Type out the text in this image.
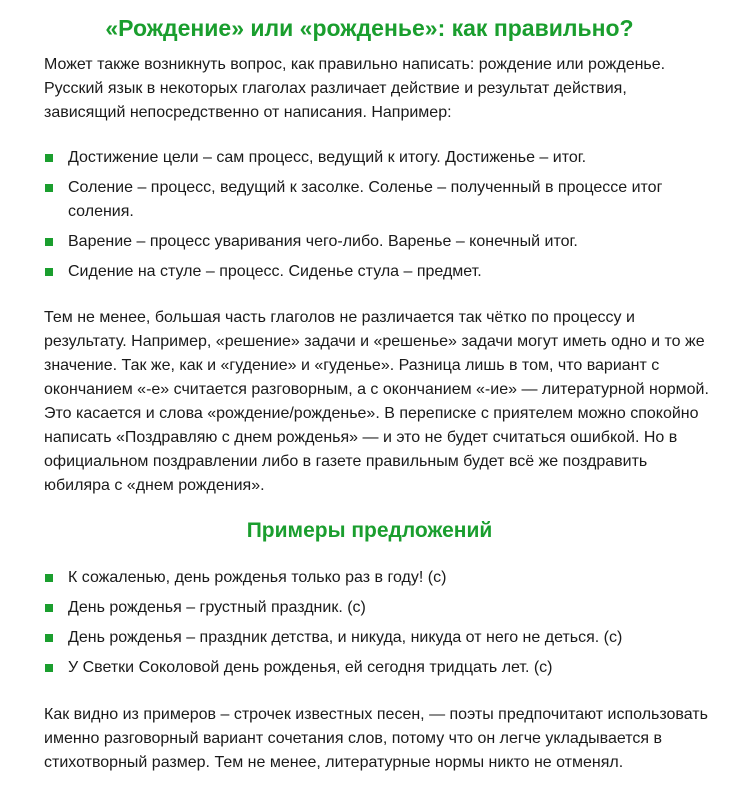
«Рождение» или «рожденье»: как правильно?

Может также возникнуть вопрос, как правильно написать: рождение или рожденье. Русский язык в некоторых глаголах различает действие и результат действия, зависящий непосредственно от написания. Например:

Достижение цели – сам процесс, ведущий к итогу. Достиженье – итог.
Соление – процесс, ведущий к засолке. Соленье – полученный в процессе итог соления.
Варение – процесс уваривания чего-либо. Варенье – конечный итог.
Сидение на стуле – процесс. Сиденье стула – предмет.

Тем не менее, большая часть глаголов не различается так чётко по процессу и результату. Например, «решение» задачи и «решенье» задачи могут иметь одно и то же значение. Так же, как и «гудение» и «гуденье». Разница лишь в том, что вариант с окончанием «-е» считается разговорным, а с окончанием «-ие» — литературной нормой. Это касается и слова «рождение/рожденье». В переписке с приятелем можно спокойно написать «Поздравляю с днем рожденья» — и это не будет считаться ошибкой. Но в официальном поздравлении либо в газете правильным будет всё же поздравить юбиляра с «днем рождения».

Примеры предложений
К сожаленью, день рожденья только раз в году! (с)
День рожденья – грустный праздник. (с)
День рожденья – праздник детства, и никуда, никуда от него не деться. (с)
У Светки Соколовой день рожденья, ей сегодня тридцать лет. (с)

Как видно из примеров – строчек известных песен, — поэты предпочитают использовать именно разговорный вариант сочетания слов, потому что он легче укладывается в стихотворный размер. Тем не менее, литературные нормы никто не отменял.
